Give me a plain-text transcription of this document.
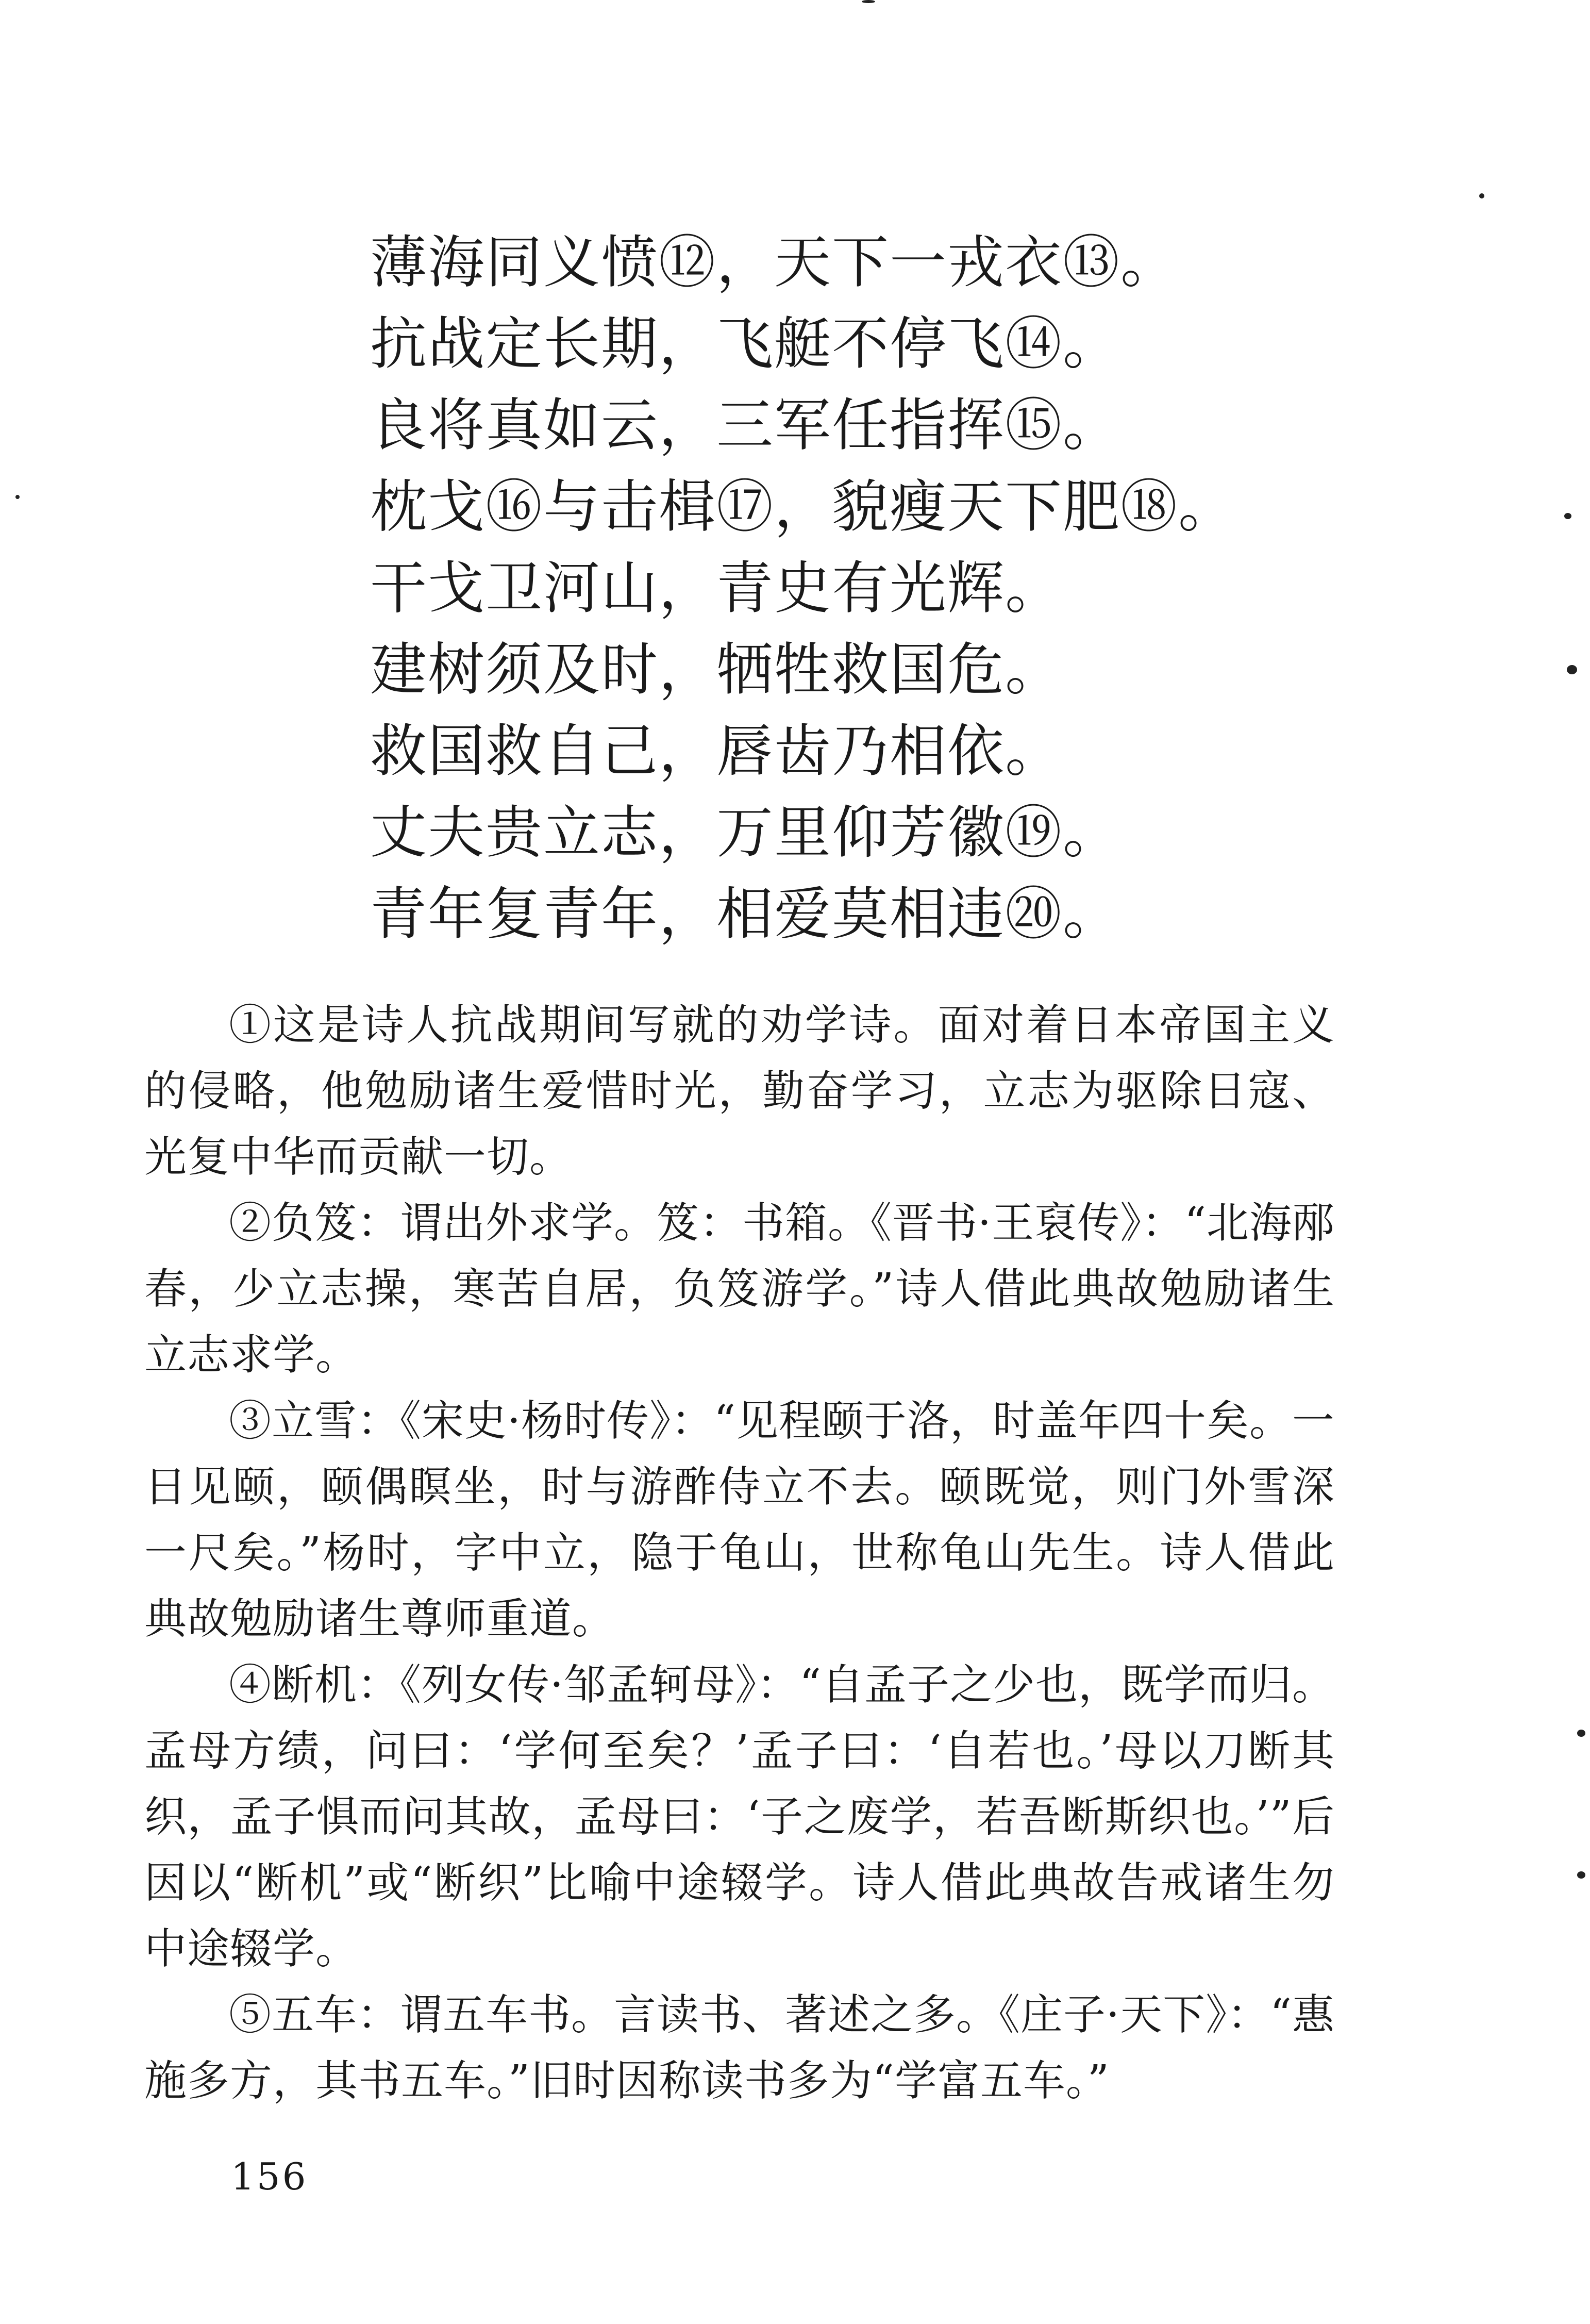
薄海同义愤⑫，天下一戎衣⑬。
抗战定长期，飞艇不停飞⑭。
良将真如云，三军任指挥⑮。
枕戈⑯与击楫⑰，貌瘦天下肥⑱。
干戈卫河山，青史有光辉。
建树须及时，牺牲救国危。
救国救自己，唇齿乃相依。
丈夫贵立志，万里仰芳徽⑲。
青年复青年，相爱莫相违⑳。

①这是诗人抗战期间写就的劝学诗。面对着日本帝国主义的侵略，他勉励诸生爱惜时光，勤奋学习，立志为驱除日寇、光复中华而贡献一切。

②负笈：谓出外求学。笈：书箱。《晋书·王裒传》：“北海邴春，少立志操，寒苦自居，负笈游学。”诗人借此典故勉励诸生立志求学。

③立雪：《宋史·杨时传》：“见程颐于洛，时盖年四十矣。一日见颐，颐偶瞑坐，时与游酢侍立不去。颐既觉，则门外雪深一尺矣。”杨时，字中立，隐于龟山，世称龟山先生。诗人借此典故勉励诸生尊师重道。

④断机：《列女传·邹孟轲母》：“自孟子之少也，既学而归。孟母方绩，问曰：‘学何至矣？’孟子曰：‘自若也。’母以刀断其织，孟子惧而问其故，孟母曰：‘子之废学，若吾断斯织也。’”后因以“断机”或“断织”比喻中途辍学。诗人借此典故告戒诸生勿中途辍学。

⑤五车：谓五车书。言读书、著述之多。《庄子·天下》：“惠施多方，其书五车。”旧时因称读书多为“学富五车。”

156
